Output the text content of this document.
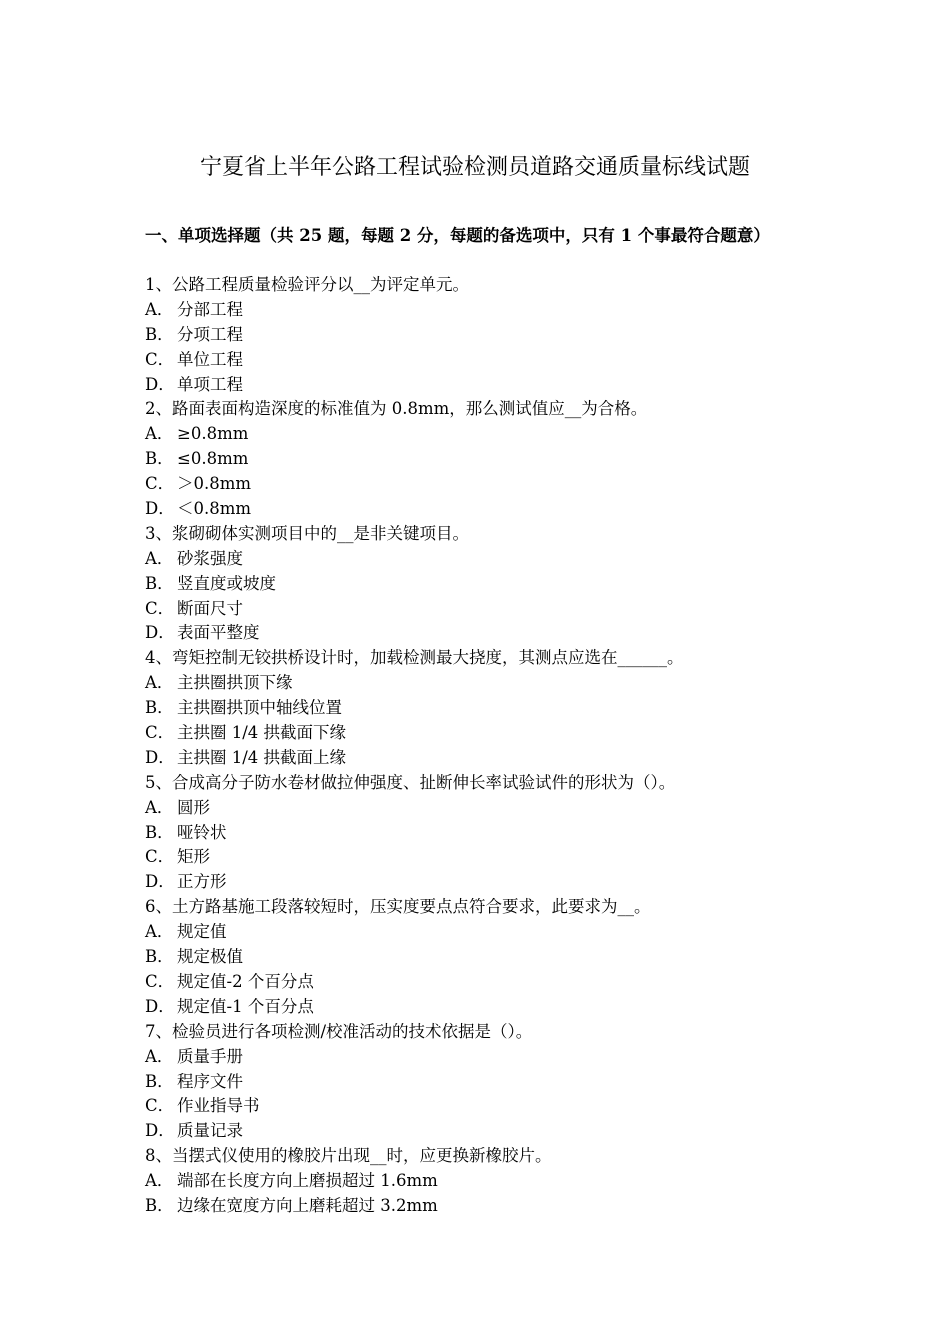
宁夏省上半年公路工程试验检测员道路交通质量标线试题
一、单项选择题（共 25 题，每题 2 分，每题的备选项中，只有 1 个事最符合题意）
1、公路工程质量检验评分以__为评定单元。
A． 分部工程
B． 分项工程
C． 单位工程
D． 单项工程
2、路面表面构造深度的标准值为 0.8mm，那么测试值应__为合格。
A． ≥0.8mm
B． ≤0.8mm
C． ＞0.8mm
D． ＜0.8mm
3、浆砌砌体实测项目中的__是非关键项目。
A． 砂浆强度
B． 竖直度或坡度
C． 断面尺寸
D． 表面平整度
4、弯矩控制无铰拱桥设计时，加载检测最大挠度，其测点应选在______。
A． 主拱圈拱顶下缘
B． 主拱圈拱顶中轴线位置
C． 主拱圈 1/4 拱截面下缘
D． 主拱圈 1/4 拱截面上缘
5、合成高分子防水卷材做拉伸强度、扯断伸长率试验试件的形状为（）。
A． 圆形
B． 哑铃状
C． 矩形
D． 正方形
6、土方路基施工段落较短时，压实度要点点符合要求，此要求为__。
A． 规定值
B． 规定极值
C． 规定值-2 个百分点
D． 规定值-1 个百分点
7、检验员进行各项检测/校准活动的技术依据是（）。
A． 质量手册
B． 程序文件
C． 作业指导书
D． 质量记录
8、当摆式仪使用的橡胶片出现__时，应更换新橡胶片。
A． 端部在长度方向上磨损超过 1.6mm
B． 边缘在宽度方向上磨耗超过 3.2mm
